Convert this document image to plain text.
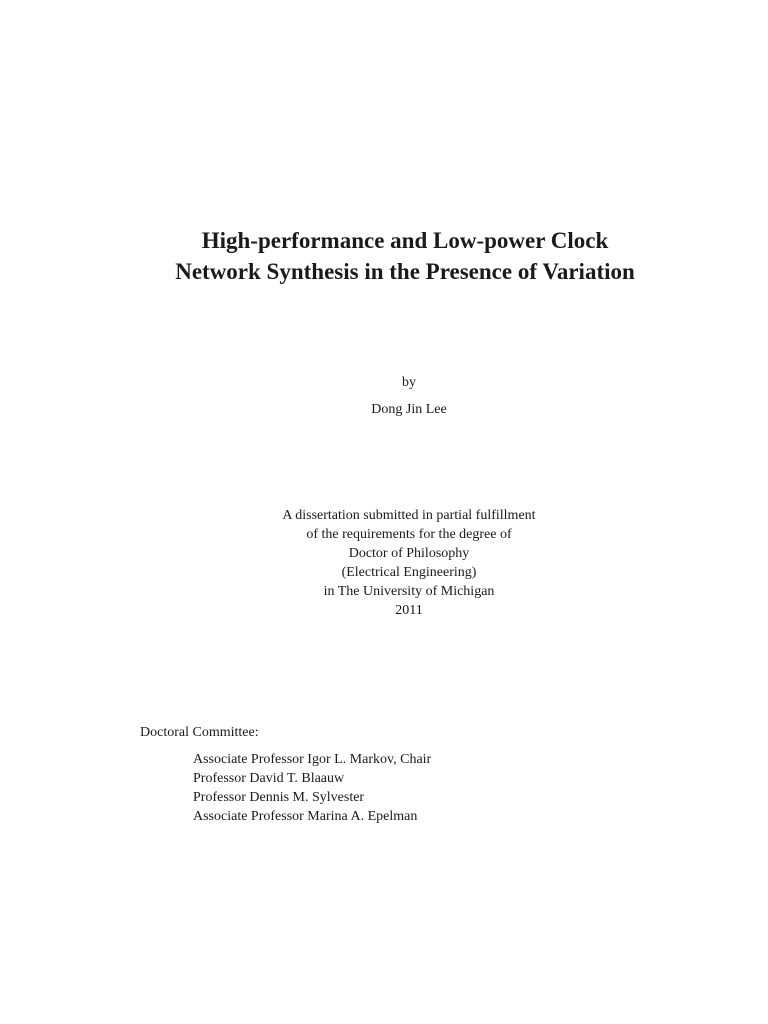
High-performance and Low-power Clock
Network Synthesis in the Presence of Variation
by
Dong Jin Lee
A dissertation submitted in partial fulfillment
of the requirements for the degree of
Doctor of Philosophy
(Electrical Engineering)
in The University of Michigan
2011
Doctoral Committee:
Associate Professor Igor L. Markov, Chair
Professor David T. Blaauw
Professor Dennis M. Sylvester
Associate Professor Marina A. Epelman
